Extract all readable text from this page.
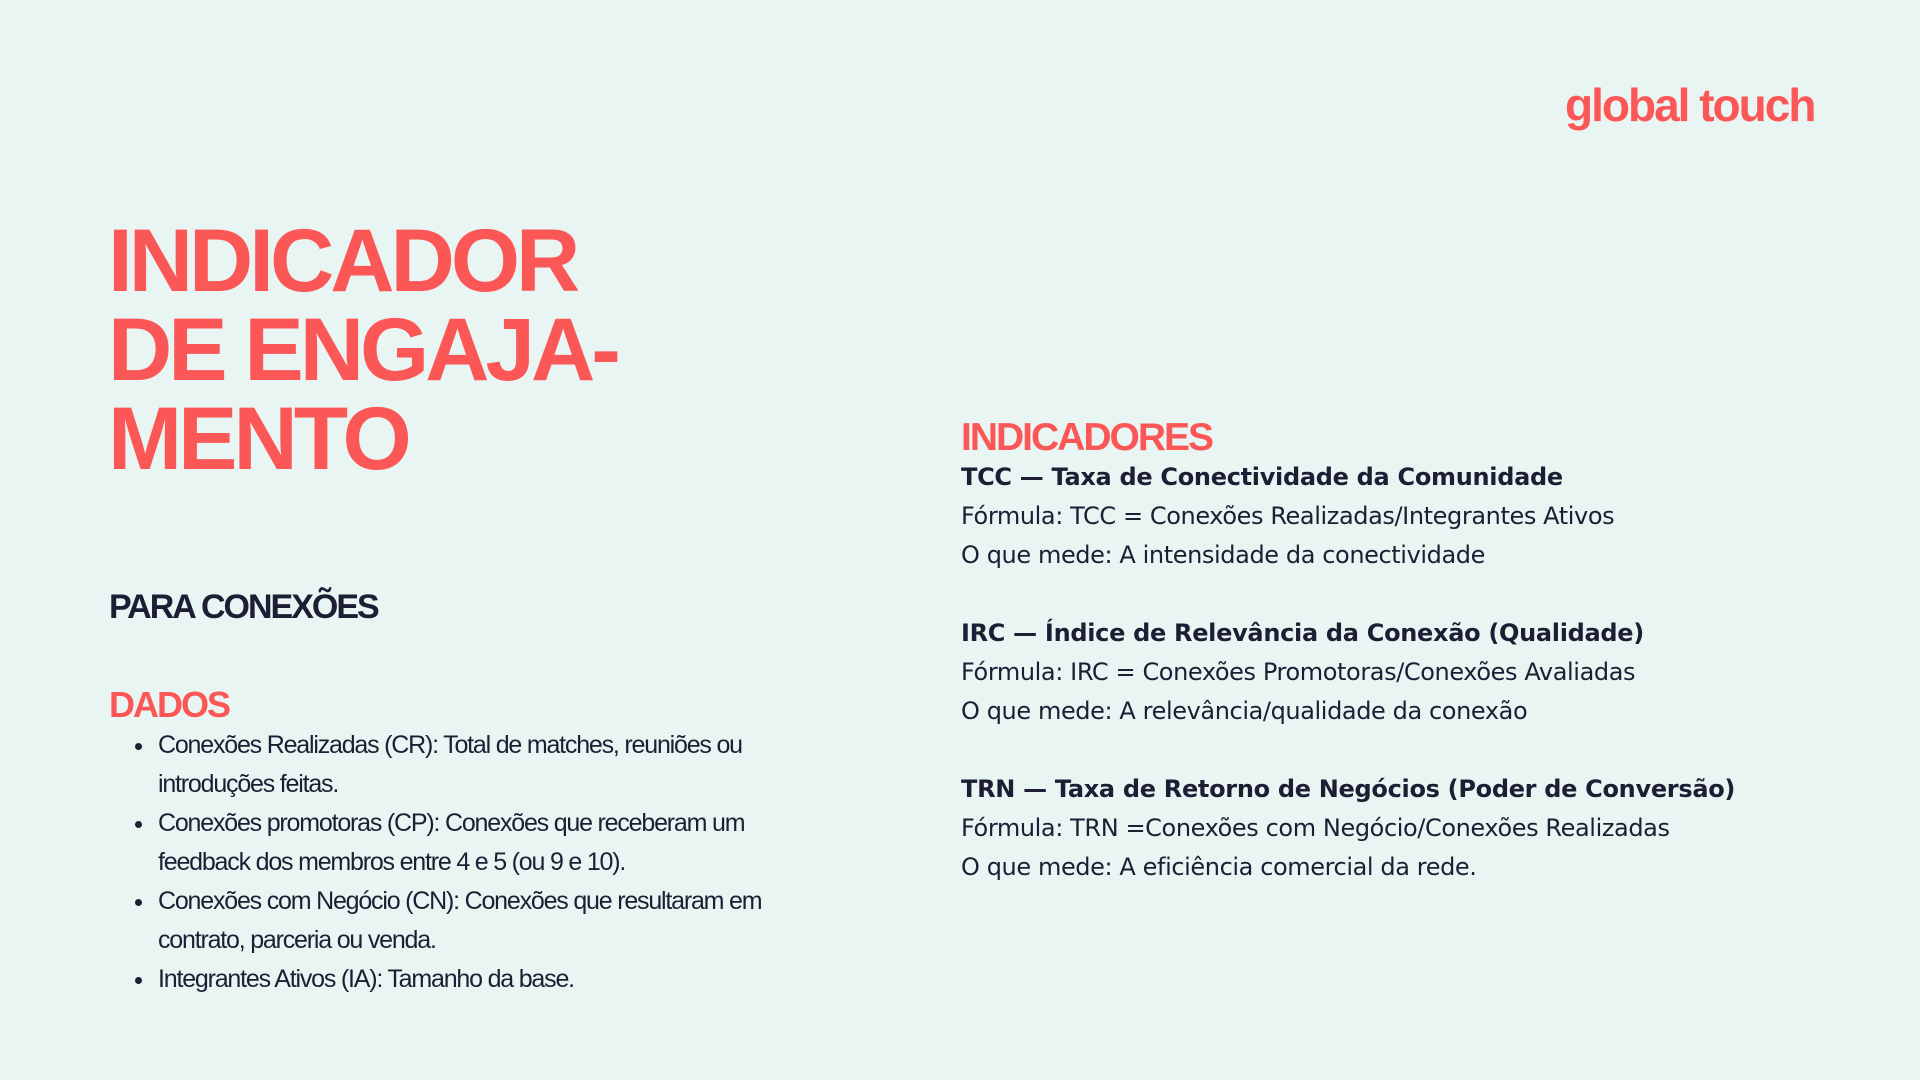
global touch
INDICADOR
DE ENGAJA-
MENTO
PARA CONEXÕES
DADOS
• Conexões Realizadas (CR): Total de matches, reuniões ou introduções feitas.
• Conexões promotoras (CP): Conexões que receberam um feedback dos membros entre 4 e 5 (ou 9 e 10).
• Conexões com Negócio (CN): Conexões que resultaram em contrato, parceria ou venda.
• Integrantes Ativos (IA): Tamanho da base.
INDICADORES

TCC — Taxa de Conectividade da Comunidade

Fórmula: TCC = Conexões Realizadas/Integrantes Ativos

O que mede: A intensidade da conectividade

IRC — Índice de Relevância da Conexão (Qualidade)

Fórmula: IRC = Conexões Promotoras/Conexões Avaliadas

O que mede: A relevância/qualidade da conexão

TRN — Taxa de Retorno de Negócios (Poder de Conversão)

Fórmula: TRN =Conexões com Negócio/Conexões Realizadas

O que mede: A eficiência comercial da rede.
